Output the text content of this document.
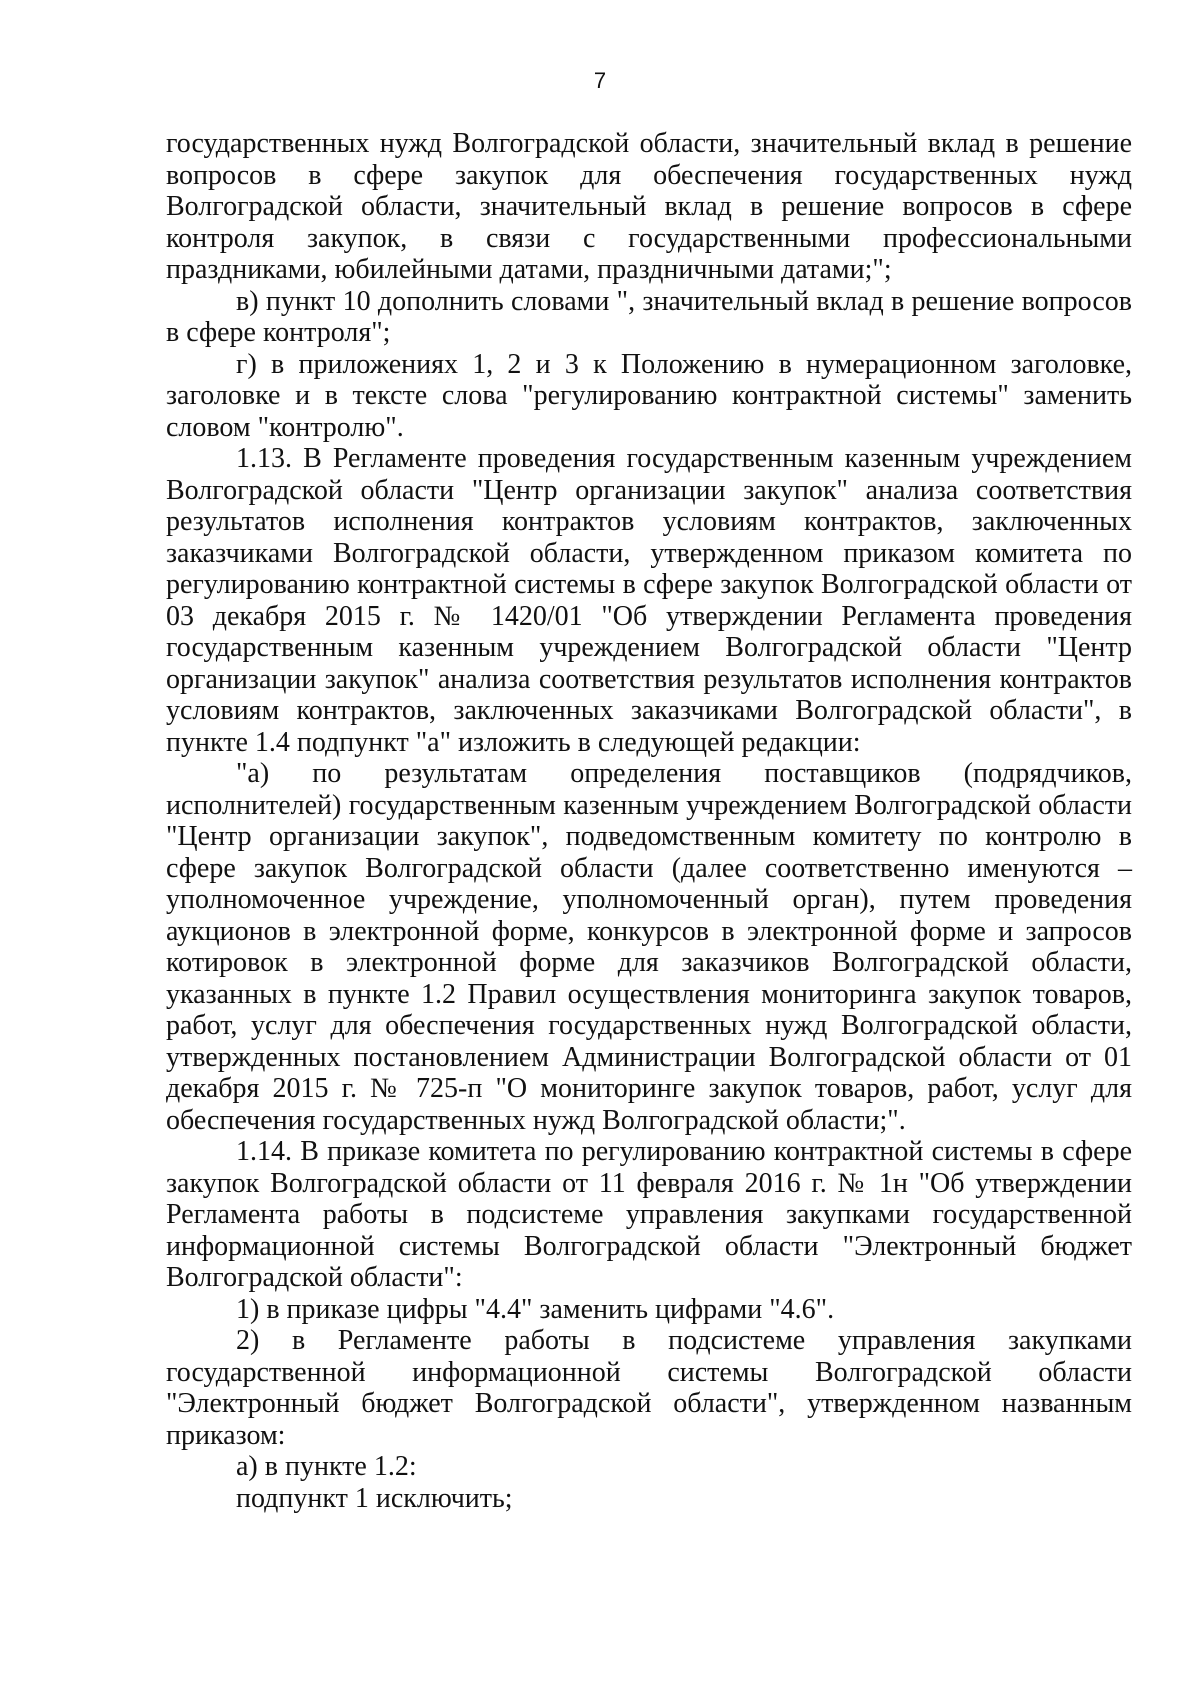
7

государственных нужд Волгоградской области, значительный вклад в решение вопросов в сфере закупок для обеспечения государственных нужд Волгоградской области, значительный вклад в решение вопросов в сфере контроля закупок, в связи с государственными профессиональными праздниками, юбилейными датами, праздничными датами;";

в) пункт 10 дополнить словами ", значительный вклад в решение вопросов в сфере контроля";

г) в приложениях 1, 2 и 3 к Положению в нумерационном заголовке, заголовке и в тексте слова "регулированию контрактной системы" заменить словом "контролю".

1.13. В Регламенте проведения государственным казенным учреждением Волгоградской области "Центр организации закупок" анализа соответствия результатов исполнения контрактов условиям контрактов, заключенных заказчиками Волгоградской области, утвержденном приказом комитета по регулированию контрактной системы в сфере закупок Волгоградской области от 03 декабря 2015 г. № 1420/01 "Об утверждении Регламента проведения государственным казенным учреждением Волгоградской области "Центр организации закупок" анализа соответствия результатов исполнения контрактов условиям контрактов, заключенных заказчиками Волгоградской области", в пункте 1.4 подпункт "а" изложить в следующей редакции:

"а) по результатам определения поставщиков (подрядчиков, исполнителей) государственным казенным учреждением Волгоградской области "Центр организации закупок", подведомственным комитету по контролю в сфере закупок Волгоградской области (далее соответственно именуются – уполномоченное учреждение, уполномоченный орган), путем проведения аукционов в электронной форме, конкурсов в электронной форме и запросов котировок в электронной форме для заказчиков Волгоградской области, указанных в пункте 1.2 Правил осуществления мониторинга закупок товаров, работ, услуг для обеспечения государственных нужд Волгоградской области, утвержденных постановлением Администрации Волгоградской области от 01 декабря 2015 г. № 725-п "О мониторинге закупок товаров, работ, услуг для обеспечения государственных нужд Волгоградской области;".

1.14. В приказе комитета по регулированию контрактной системы в сфере закупок Волгоградской области от 11 февраля 2016 г. № 1н "Об утверждении Регламента работы в подсистеме управления закупками государственной информационной системы Волгоградской области "Электронный бюджет Волгоградской области":

1) в приказе цифры "4.4" заменить цифрами "4.6".

2) в Регламенте работы в подсистеме управления закупками государственной информационной системы Волгоградской области "Электронный бюджет Волгоградской области", утвержденном названным приказом:

а) в пункте 1.2:

подпункт 1 исключить;
